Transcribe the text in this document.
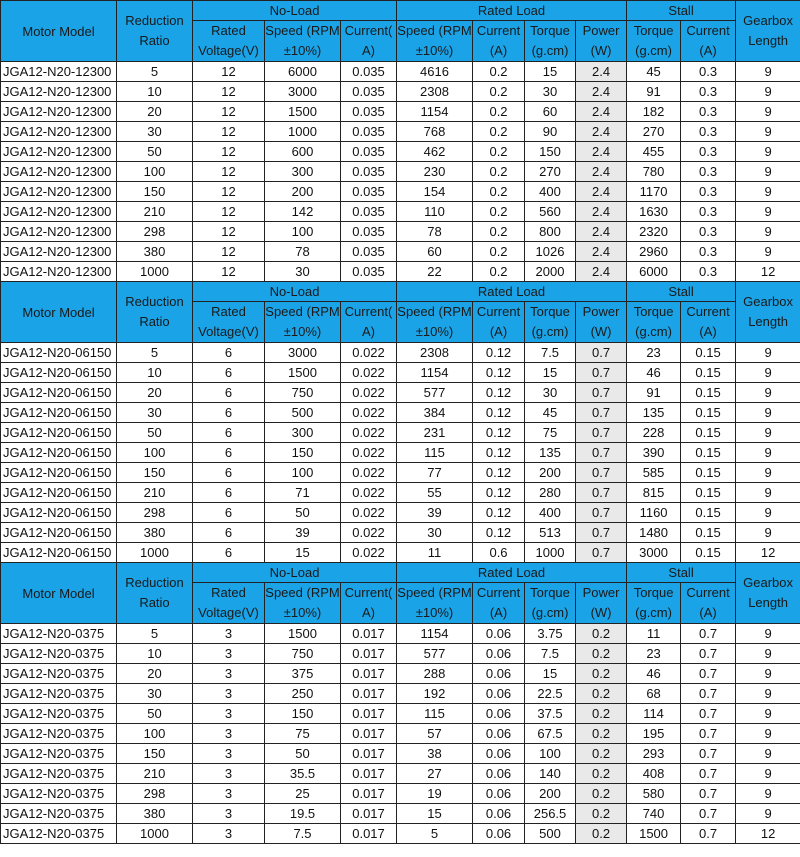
Motor Model	Reduction Ratio	No-Load			Rated Load				Stall		Gearbox Length
		Rated Voltage(V)	Speed (RPM ±10%)	Current( A)	Speed (RPM ±10%)	Current (A)	Torque (g.cm)	Power (W)	Torque (g.cm)	Current (A)	
JGA12-N20-12300	5	12	6000	0.035	4616	0.2	15	2.4	45	0.3	9
JGA12-N20-12300	10	12	3000	0.035	2308	0.2	30	2.4	91	0.3	9
JGA12-N20-12300	20	12	1500	0.035	1154	0.2	60	2.4	182	0.3	9
JGA12-N20-12300	30	12	1000	0.035	768	0.2	90	2.4	270	0.3	9
JGA12-N20-12300	50	12	600	0.035	462	0.2	150	2.4	455	0.3	9
JGA12-N20-12300	100	12	300	0.035	230	0.2	270	2.4	780	0.3	9
JGA12-N20-12300	150	12	200	0.035	154	0.2	400	2.4	1170	0.3	9
JGA12-N20-12300	210	12	142	0.035	110	0.2	560	2.4	1630	0.3	9
JGA12-N20-12300	298	12	100	0.035	78	0.2	800	2.4	2320	0.3	9
JGA12-N20-12300	380	12	78	0.035	60	0.2	1026	2.4	2960	0.3	9
JGA12-N20-12300	1000	12	30	0.035	22	0.2	2000	2.4	6000	0.3	12
Motor Model	Reduction Ratio	No-Load			Rated Load				Stall		Gearbox Length
		Rated Voltage(V)	Speed (RPM ±10%)	Current( A)	Speed (RPM ±10%)	Current (A)	Torque (g.cm)	Power (W)	Torque (g.cm)	Current (A)	
JGA12-N20-06150	5	6	3000	0.022	2308	0.12	7.5	0.7	23	0.15	9
JGA12-N20-06150	10	6	1500	0.022	1154	0.12	15	0.7	46	0.15	9
JGA12-N20-06150	20	6	750	0.022	577	0.12	30	0.7	91	0.15	9
JGA12-N20-06150	30	6	500	0.022	384	0.12	45	0.7	135	0.15	9
JGA12-N20-06150	50	6	300	0.022	231	0.12	75	0.7	228	0.15	9
JGA12-N20-06150	100	6	150	0.022	115	0.12	135	0.7	390	0.15	9
JGA12-N20-06150	150	6	100	0.022	77	0.12	200	0.7	585	0.15	9
JGA12-N20-06150	210	6	71	0.022	55	0.12	280	0.7	815	0.15	9
JGA12-N20-06150	298	6	50	0.022	39	0.12	400	0.7	1160	0.15	9
JGA12-N20-06150	380	6	39	0.022	30	0.12	513	0.7	1480	0.15	9
JGA12-N20-06150	1000	6	15	0.022	11	0.6	1000	0.7	3000	0.15	12
Motor Model	Reduction Ratio	No-Load			Rated Load				Stall		Gearbox Length
		Rated Voltage(V)	Speed (RPM ±10%)	Current( A)	Speed (RPM ±10%)	Current (A)	Torque (g.cm)	Power (W)	Torque (g.cm)	Current (A)	
JGA12-N20-0375	5	3	1500	0.017	1154	0.06	3.75	0.2	11	0.7	9
JGA12-N20-0375	10	3	750	0.017	577	0.06	7.5	0.2	23	0.7	9
JGA12-N20-0375	20	3	375	0.017	288	0.06	15	0.2	46	0.7	9
JGA12-N20-0375	30	3	250	0.017	192	0.06	22.5	0.2	68	0.7	9
JGA12-N20-0375	50	3	150	0.017	115	0.06	37.5	0.2	114	0.7	9
JGA12-N20-0375	100	3	75	0.017	57	0.06	67.5	0.2	195	0.7	9
JGA12-N20-0375	150	3	50	0.017	38	0.06	100	0.2	293	0.7	9
JGA12-N20-0375	210	3	35.5	0.017	27	0.06	140	0.2	408	0.7	9
JGA12-N20-0375	298	3	25	0.017	19	0.06	200	0.2	580	0.7	9
JGA12-N20-0375	380	3	19.5	0.017	15	0.06	256.5	0.2	740	0.7	9
JGA12-N20-0375	1000	3	7.5	0.017	5	0.06	500	0.2	1500	0.7	12
